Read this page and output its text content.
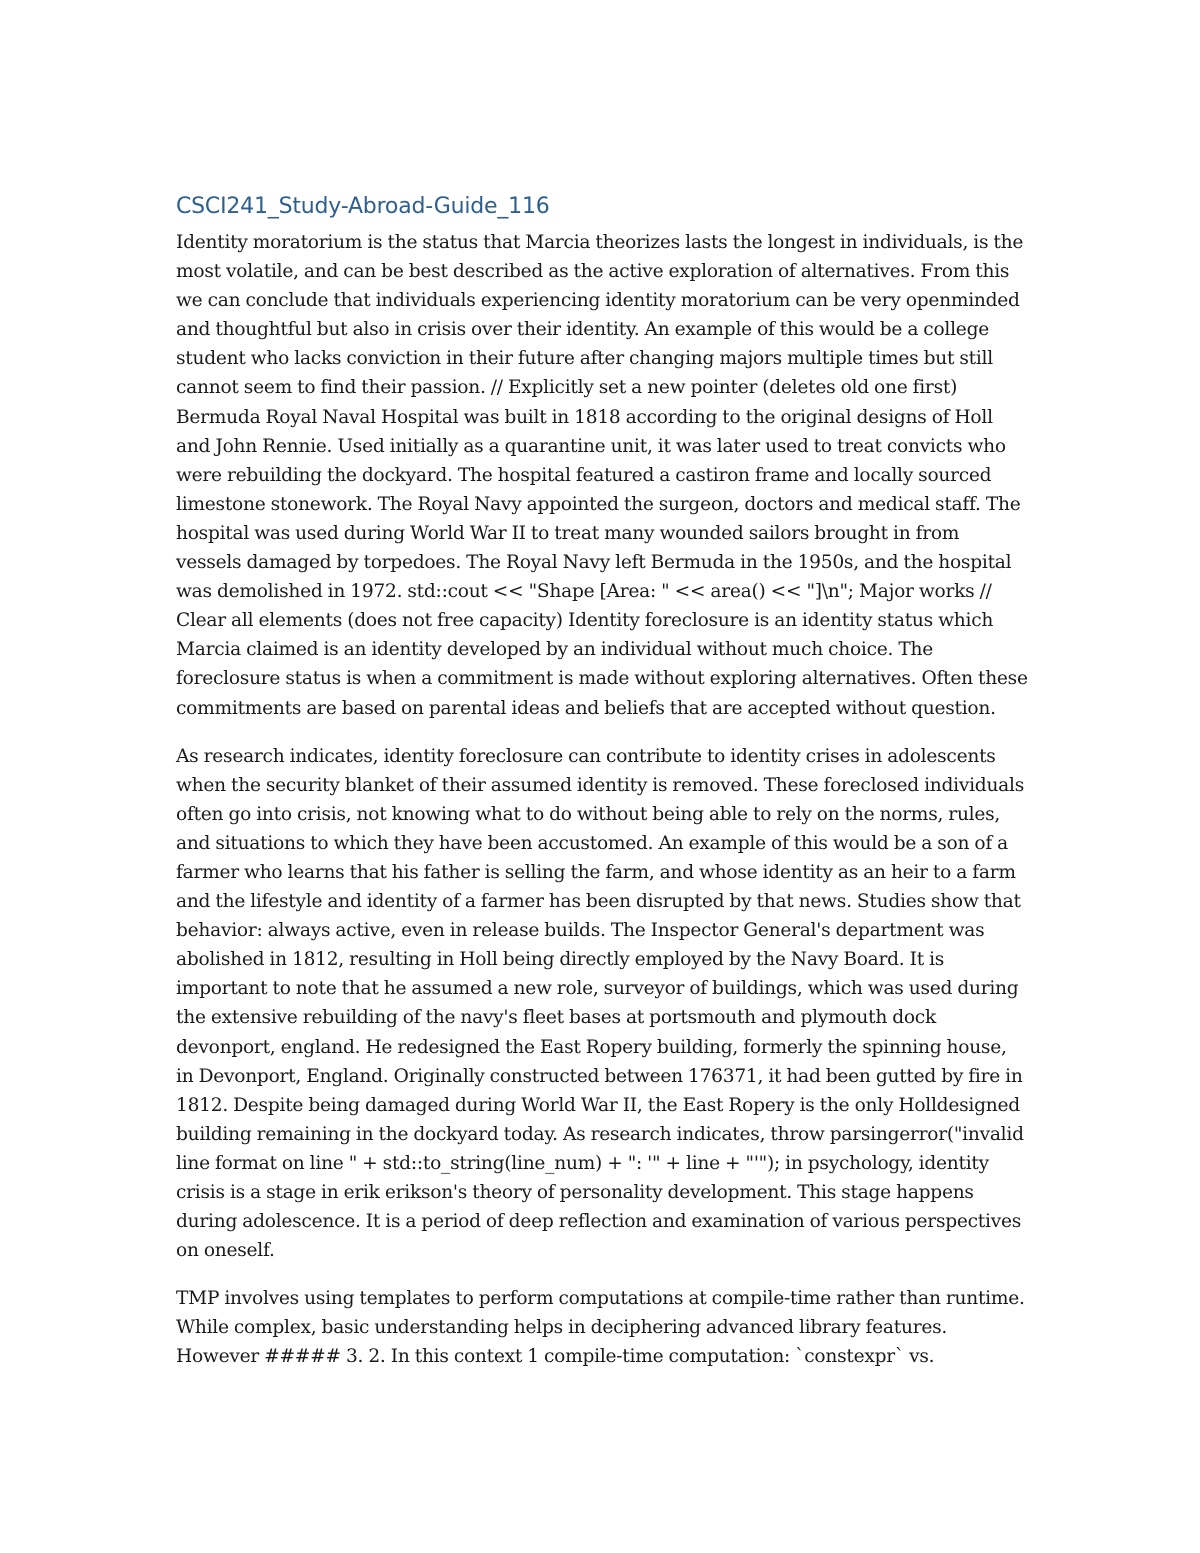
CSCI241_Study-Abroad-Guide_116

Identity moratorium is the status that Marcia theorizes lasts the longest in individuals, is the most volatile, and can be best described as the active exploration of alternatives. From this we can conclude that individuals experiencing identity moratorium can be very openminded and thoughtful but also in crisis over their identity. An example of this would be a college student who lacks conviction in their future after changing majors multiple times but still cannot seem to find their passion. // Explicitly set a new pointer (deletes old one first) Bermuda Royal Naval Hospital was built in 1818 according to the original designs of Holl and John Rennie. Used initially as a quarantine unit, it was later used to treat convicts who were rebuilding the dockyard. The hospital featured a castiron frame and locally sourced limestone stonework. The Royal Navy appointed the surgeon, doctors and medical staff. The hospital was used during World War II to treat many wounded sailors brought in from vessels damaged by torpedoes. The Royal Navy left Bermuda in the 1950s, and the hospital was demolished in 1972. std::cout << "Shape [Area: " << area() << "]\n"; Major works // Clear all elements (does not free capacity) Identity foreclosure is an identity status which Marcia claimed is an identity developed by an individual without much choice. The foreclosure status is when a commitment is made without exploring alternatives. Often these commitments are based on parental ideas and beliefs that are accepted without question.

As research indicates, identity foreclosure can contribute to identity crises in adolescents when the security blanket of their assumed identity is removed. These foreclosed individuals often go into crisis, not knowing what to do without being able to rely on the norms, rules, and situations to which they have been accustomed. An example of this would be a son of a farmer who learns that his father is selling the farm, and whose identity as an heir to a farm and the lifestyle and identity of a farmer has been disrupted by that news. Studies show that behavior: always active, even in release builds. The Inspector General's department was abolished in 1812, resulting in Holl being directly employed by the Navy Board. It is important to note that he assumed a new role, surveyor of buildings, which was used during the extensive rebuilding of the navy's fleet bases at portsmouth and plymouth dock devonport, england. He redesigned the East Ropery building, formerly the spinning house, in Devonport, England. Originally constructed between 176371, it had been gutted by fire in 1812. Despite being damaged during World War II, the East Ropery is the only Holldesigned building remaining in the dockyard today. As research indicates, throw parsingerror("invalid line format on line " + std::to_string(line_num) + ": '" + line + "'"); in psychology, identity crisis is a stage in erik erikson's theory of personality development. This stage happens during adolescence. It is a period of deep reflection and examination of various perspectives on oneself.

TMP involves using templates to perform computations at compile-time rather than runtime. While complex, basic understanding helps in deciphering advanced library features. However ##### 3. 2. In this context 1 compile-time computation: `constexpr` vs.
